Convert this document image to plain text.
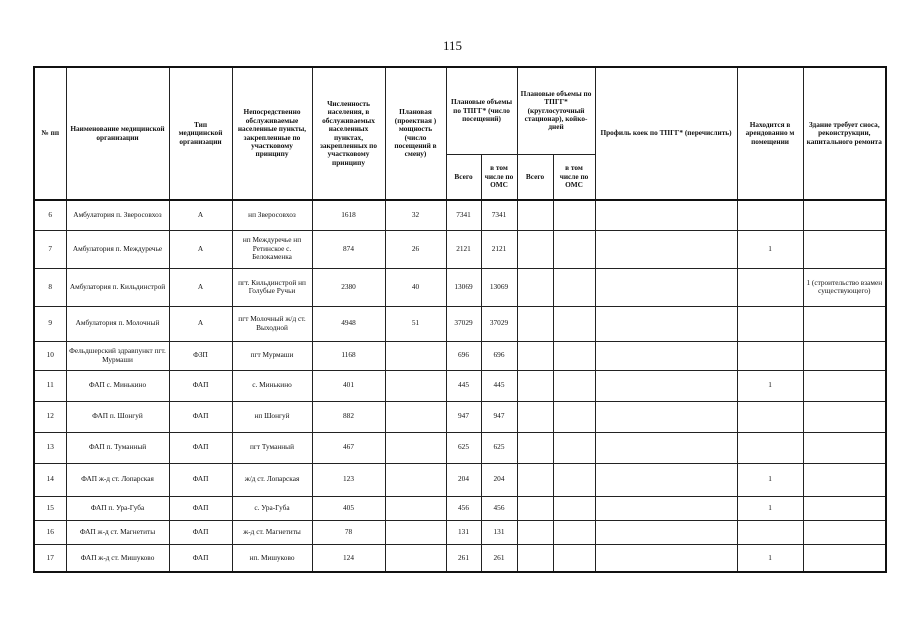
115
№ пп	Наименование медицинской организации	Тип медицинской организации	Непосредственно обслуживаемые населенные пункты, закрепленные по участковому принципу	Численность населения, в обслуживаемых населенных пунктах, закрепленных по участковому принципу	Плановая (проектная ) мощность (число посещений в смену)	Плановые объемы по ТПГГ* (число посещений)		Плановые объемы по ТПГГ* (круглосуточный стационар), койко-дней		Профиль коек по ТПГГ* (перечислить)	Находится в арендованно м помещении	Здание требует сноса, реконструкции, капитального ремонта
						Всего	в том числе по ОМС	Всего	в том числе по ОМС			
6	Амбулатория п. Зверосовхоз	А	нп Зверосовхоз	1618	32	7341	7341					
7	Амбулатория п. Междуречье	А	нп Междуречье нп Ретинское с. Белокаменка	874	26	2121	2121				1	
8	Амбулатория п. Кильдинстрой	А	пгт. Кильдинстрой нп Голубые Ручьи	2380	40	13069	13069					1 (строительство взамен существующего)
9	Амбулатория п. Молочный	А	пгт Молочный ж/д ст. Выходной	4948	51	37029	37029					
10	Фельдшерский здравпункт пгт. Мурмаши	ФЗП	пгт Мурмаши	1168		696	696					
11	ФАП с. Минькино	ФАП	с. Минькино	401		445	445				1	
12	ФАП п. Шонгуй	ФАП	нп Шонгуй	882		947	947					
13	ФАП п. Туманный	ФАП	пгт Туманный	467		625	625					
14	ФАП ж-д ст. Лопарская	ФАП	ж/д ст. Лопарская	123		204	204				1	
15	ФАП п. Ура-Губа	ФАП	с. Ура-Губа	405		456	456				1	
16	ФАП ж-д ст. Магнетиты	ФАП	ж-д ст. Магнетиты	78		131	131					
17	ФАП ж-д ст. Мишуково	ФАП	нп. Мишуково	124		261	261				1	
